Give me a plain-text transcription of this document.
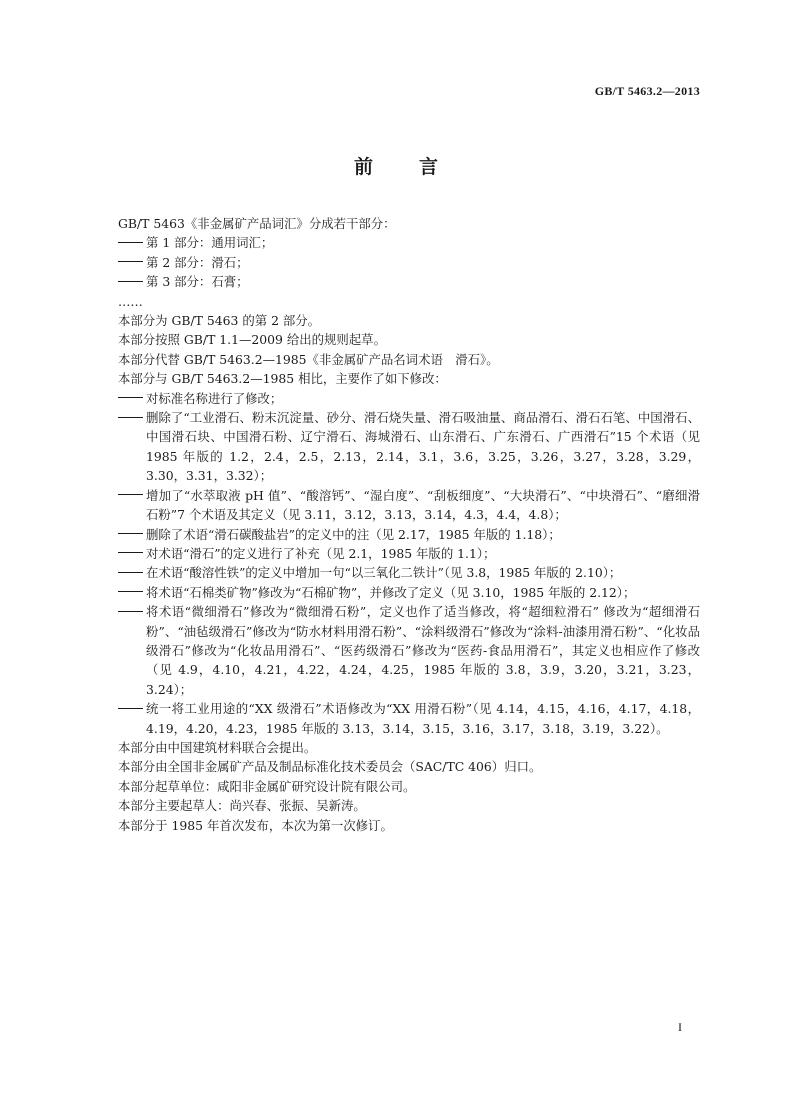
GB/T 5463.2—2013
前 言
GB/T 5463《非金属矿产品词汇》分成若干部分：
第 1 部分：通用词汇；
第 2 部分：滑石；
第 3 部分：石膏；
……
本部分为 GB/T 5463 的第 2 部分。
本部分按照 GB/T 1.1—2009 给出的规则起草。
本部分代替 GB/T 5463.2—1985《非金属矿产品名词术语　滑石》。
本部分与 GB/T 5463.2—1985 相比，主要作了如下修改：
对标准名称进行了修改；
删除了“工业滑石、粉末沉淀量、砂分、滑石烧失量、滑石吸油量、商品滑石、滑石石笔、中国滑石、中国滑石块、中国滑石粉、辽宁滑石、海城滑石、山东滑石、广东滑石、广西滑石”15 个术语（见 1985 年版的 1.2，2.4，2.5，2.13，2.14，3.1，3.6，3.25，3.26，3.27，3.28，3.29，3.30，3.31，3.32）；
增加了“水萃取液 pH 值”、“酸溶钙”、“湿白度”、“刮板细度”、“大块滑石”、“中块滑石”、“磨细滑石粉”7 个术语及其定义（见 3.11，3.12，3.13，3.14，4.3，4.4，4.8）；
删除了术语“滑石碳酸盐岩”的定义中的注（见 2.17，1985 年版的 1.18）；
对术语“滑石”的定义进行了补充（见 2.1，1985 年版的 1.1）；
在术语“酸溶性铁”的定义中增加一句“以三氧化二铁计”（见 3.8，1985 年版的 2.10）；
将术语“石棉类矿物”修改为“石棉矿物”，并修改了定义（见 3.10，1985 年版的 2.12）；
将术语“微细滑石”修改为“微细滑石粉”，定义也作了适当修改，将“超细粒滑石” 修改为“超细滑石粉”、“油毡级滑石”修改为“防水材料用滑石粉”、“涂料级滑石”修改为“涂料-油漆用滑石粉”、“化妆品级滑石”修改为“化妆品用滑石”、“医药级滑石”修改为“医药-食品用滑石”，其定义也相应作了修改（见 4.9，4.10，4.21，4.22，4.24，4.25，1985 年版的 3.8，3.9，3.20，3.21，3.23，3.24）；
统一将工业用途的“XX 级滑石”术语修改为“XX 用滑石粉”（见 4.14，4.15，4.16，4.17，4.18，4.19，4.20，4.23，1985 年版的 3.13，3.14，3.15，3.16，3.17，3.18，3.19，3.22）。
本部分由中国建筑材料联合会提出。
本部分由全国非金属矿产品及制品标准化技术委员会（SAC/TC 406）归口。
本部分起草单位：咸阳非金属矿研究设计院有限公司。
本部分主要起草人：尚兴春、张振、吴新涛。
本部分于 1985 年首次发布，本次为第一次修订。
I
